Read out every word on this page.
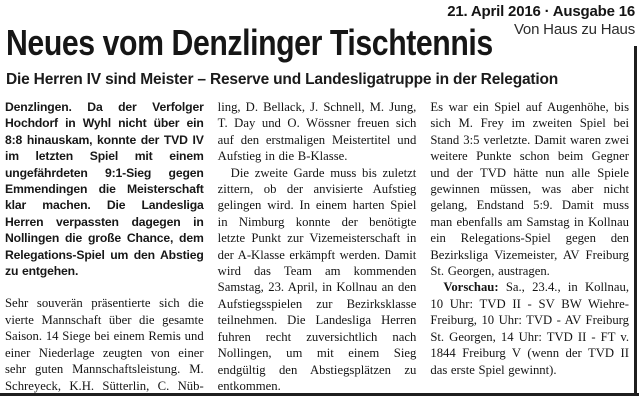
21. April 2016 · Ausgabe 16
Von Haus zu Haus
Neues vom Denzlinger Tischtennis
Die Herren IV sind Meister – Reserve und Landesligatruppe in der Relegation

Denzlingen. Da der Verfolger Hochdorf in Wyhl nicht über ein 8:8 hinauskam, konnte der TVD IV im letzten Spiel mit einem ungefährdeten 9:1-Sieg gegen Emmendingen die Meisterschaft klar machen. Die Landesliga Herren verpassten dagegen in Nollingen die große Chance, dem Relegations-Spiel um den Abstieg zu entgehen.

Sehr souverän präsentierte sich die vierte Mannschaft über die gesamte Saison. 14 Siege bei einem Remis und einer Niederlage zeugten von einer sehr guten Mannschaftsleistung. M. Schreyeck, K.H. Sütterlin, C. Nüb-

ling, D. Bellack, J. Schnell, M. Jung, T. Day und O. Wössner freuen sich auf den erstmaligen Meistertitel und Aufstieg in die B-Klasse.

Die zweite Garde muss bis zuletzt zittern, ob der anvisierte Aufstieg gelingen wird. In einem harten Spiel in Nimburg konnte der benötigte letzte Punkt zur Vizemeisterschaft in der A-Klasse erkämpft werden. Damit wird das Team am kommenden Samstag, 23. April, in Kollnau an den Aufstiegsspielen zur Bezirksklasse teilnehmen. Die Landesliga Herren fuhren recht zuversichtlich nach Nollingen, um mit einem Sieg endgültig den Abstiegsplätzen zu entkommen.

Es war ein Spiel auf Augenhöhe, bis sich M. Frey im zweiten Spiel bei Stand 3:5 verletzte. Damit waren zwei weitere Punkte schon beim Gegner und der TVD hätte nun alle Spiele gewinnen müssen, was aber nicht gelang, Endstand 5:9. Damit muss man ebenfalls am Samstag in Kollnau ein Relegations-Spiel gegen den Bezirksliga Vizemeister, AV Freiburg St. Georgen, austragen.

Vorschau: Sa., 23.4., in Kollnau, 10 Uhr: TVD II - SV BW Wiehre-Freiburg, 10 Uhr: TVD - AV Freiburg St. Georgen, 14 Uhr: TVD II - FT v. 1844 Freiburg V (wenn der TVD II das erste Spiel gewinnt).
